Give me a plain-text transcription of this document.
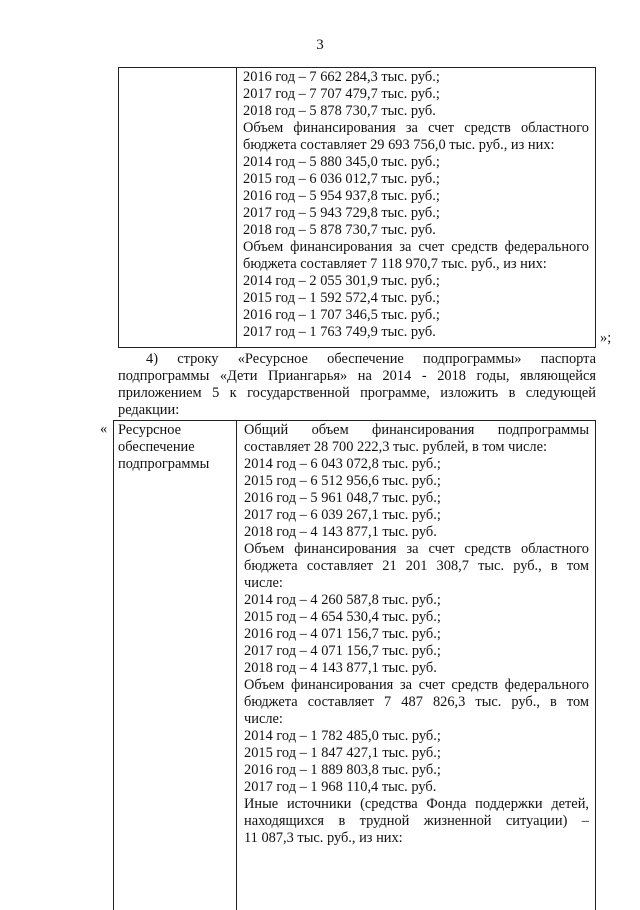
3
2016 год – 7 662 284,3 тыс. руб.;
2017 год – 7 707 479,7 тыс. руб.;
2018 год – 5 878 730,7 тыс. руб.
Объем финансирования за счет средств областного
бюджета составляет 29 693 756,0 тыс. руб., из них:
2014 год – 5 880 345,0 тыс. руб.;
2015 год – 6 036 012,7 тыс. руб.;
2016 год – 5 954 937,8 тыс. руб.;
2017 год – 5 943 729,8 тыс. руб.;
2018 год – 5 878 730,7 тыс. руб.
Объем финансирования за счет средств федерального
бюджета составляет 7 118 970,7 тыс. руб., из них:
2014 год – 2 055 301,9 тыс. руб.;
2015 год – 1 592 572,4 тыс. руб.;
2016 год – 1 707 346,5 тыс. руб.;
2017 год – 1 763 749,9 тыс. руб.	»;
4) строку «Ресурсное обеспечение подпрограммы» паспорта
подпрограммы «Дети Приангарья» на 2014 - 2018 годы, являющейся
приложением 5 к государственной программе, изложить в следующей
редакции:
« Ресурсное
обеспечение
подпрограммы
Общий объем финансирования подпрограммы
составляет 28 700 222,3 тыс. рублей, в том числе:
2014 год – 6 043 072,8 тыс. руб.;
2015 год – 6 512 956,6 тыс. руб.;
2016 год – 5 961 048,7 тыс. руб.;
2017 год – 6 039 267,1 тыс. руб.;
2018 год – 4 143 877,1 тыс. руб.
Объем финансирования за счет средств областного
бюджета составляет 21 201 308,7 тыс. руб., в том
числе:
2014 год – 4 260 587,8 тыс. руб.;
2015 год – 4 654 530,4 тыс. руб.;
2016 год – 4 071 156,7 тыс. руб.;
2017 год – 4 071 156,7 тыс. руб.;
2018 год – 4 143 877,1 тыс. руб.
Объем финансирования за счет средств федерального
бюджета составляет 7 487 826,3 тыс. руб., в том
числе:
2014 год – 1 782 485,0 тыс. руб.;
2015 год – 1 847 427,1 тыс. руб.;
2016 год – 1 889 803,8 тыс. руб.;
2017 год – 1 968 110,4 тыс. руб.
Иные источники (средства Фонда поддержки детей,
находящихся в трудной жизненной ситуации) –
11 087,3 тыс. руб., из них:
